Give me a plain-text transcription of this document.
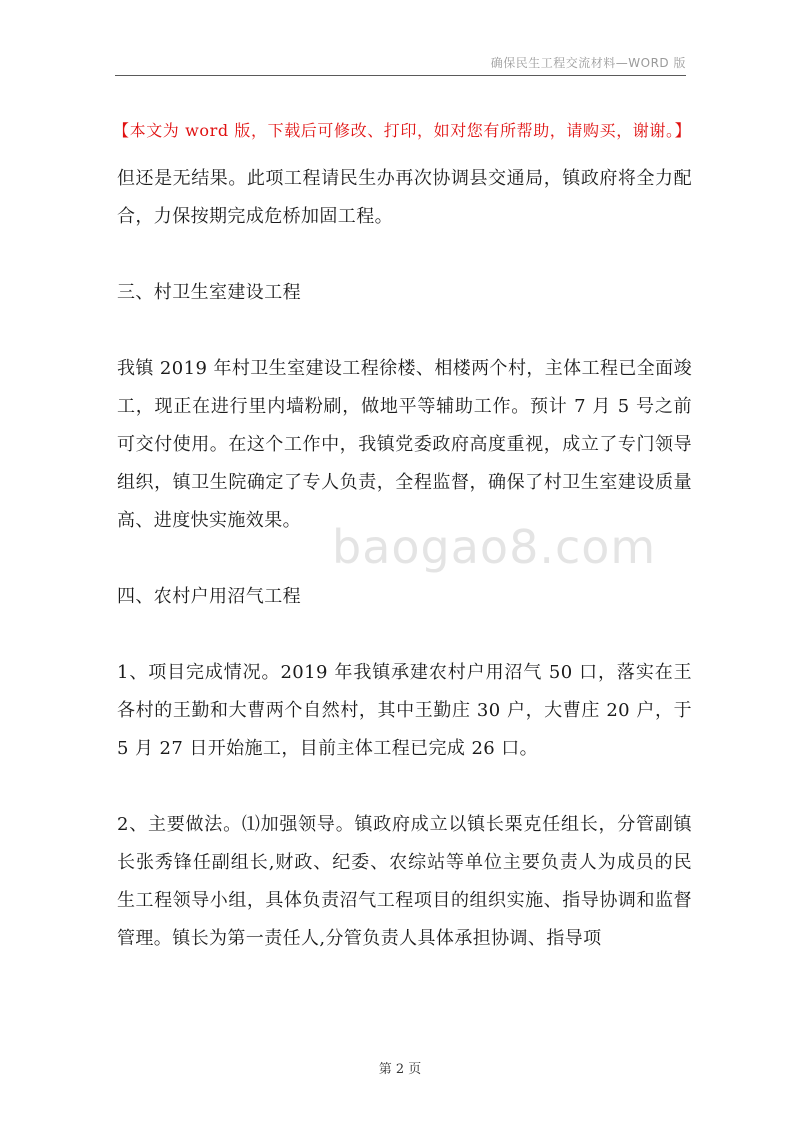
确保民生工程交流材料—WORD 版
【本文为 word 版，下载后可修改、打印，如对您有所帮助，请购买，谢谢。】

但还是无结果。此项工程请民生办再次协调县交通局，镇政府将全力配合，力保按期完成危桥加固工程。

三、村卫生室建设工程

我镇 2019 年村卫生室建设工程徐楼、相楼两个村，主体工程已全面竣工，现正在进行里内墙粉刷，做地平等辅助工作。预计 7 月 5 号之前可交付使用。在这个工作中，我镇党委政府高度重视，成立了专门领导组织，镇卫生院确定了专人负责，全程监督，确保了村卫生室建设质量高、进度快实施效果。

四、农村户用沼气工程

1、项目完成情况。2019 年我镇承建农村户用沼气 50 口，落实在王各村的王勤和大曹两个自然村，其中王勤庄 30 户，大曹庄 20 户，于 5 月 27 日开始施工，目前主体工程已完成 26 口。

2、主要做法。⑴加强领导。镇政府成立以镇长栗克任组长，分管副镇长张秀锋任副组长,财政、纪委、农综站等单位主要负责人为成员的民生工程领导小组，具体负责沼气工程项目的组织实施、指导协调和监督管理。镇长为第一责任人,分管负责人具体承担协调、指导项

baogao8.com
第 2 页
